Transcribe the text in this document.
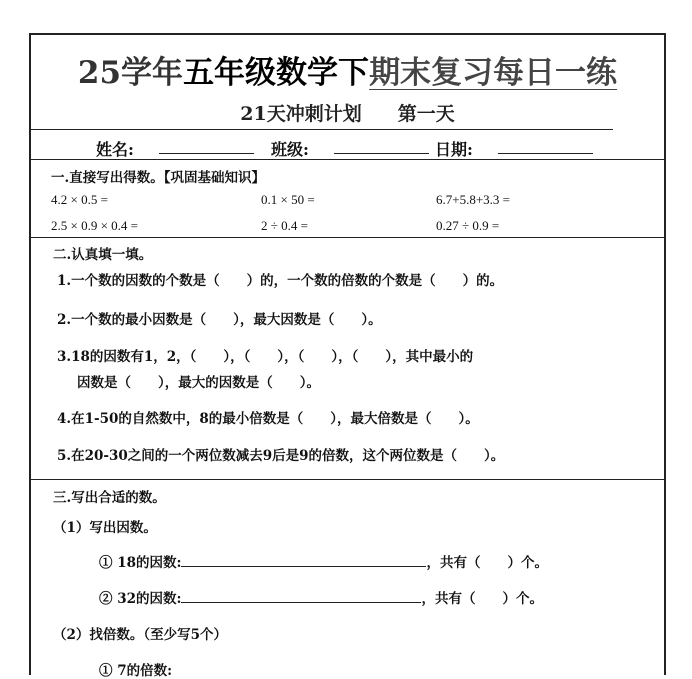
25学年五年级数学下期末复习每日一练
21天冲刺计划 第一天
姓名:	班级:	日期:
一.直接写出得数。【巩固基础知识】
4.2 × 0.5 =	0.1 × 50 =	6.7+5.8+3.3 =
2.5 × 0.9 × 0.4 =	2 ÷ 0.4 =	0.27 ÷ 0.9 =
二.认真填一填。
1.一个数的因数的个数是（　　）的，一个数的倍数的个数是（　　）的。
2.一个数的最小因数是（　　），最大因数是（　　）。
3.18的因数有1，2，（　　），（　　），（　　），（　　），其中最小的
因数是（　　），最大的因数是（　　）。
4.在1-50的自然数中，8的最小倍数是（　　），最大倍数是（　　）。
5.在20-30之间的一个两位数减去9后是9的倍数，这个两位数是（　　）。
三.写出合适的数。
（1）写出因数。
① 18的因数:	，共有（　　）个。
② 32的因数:	，共有（　　）个。
（2）找倍数。（至少写5个）
① 7的倍数:
